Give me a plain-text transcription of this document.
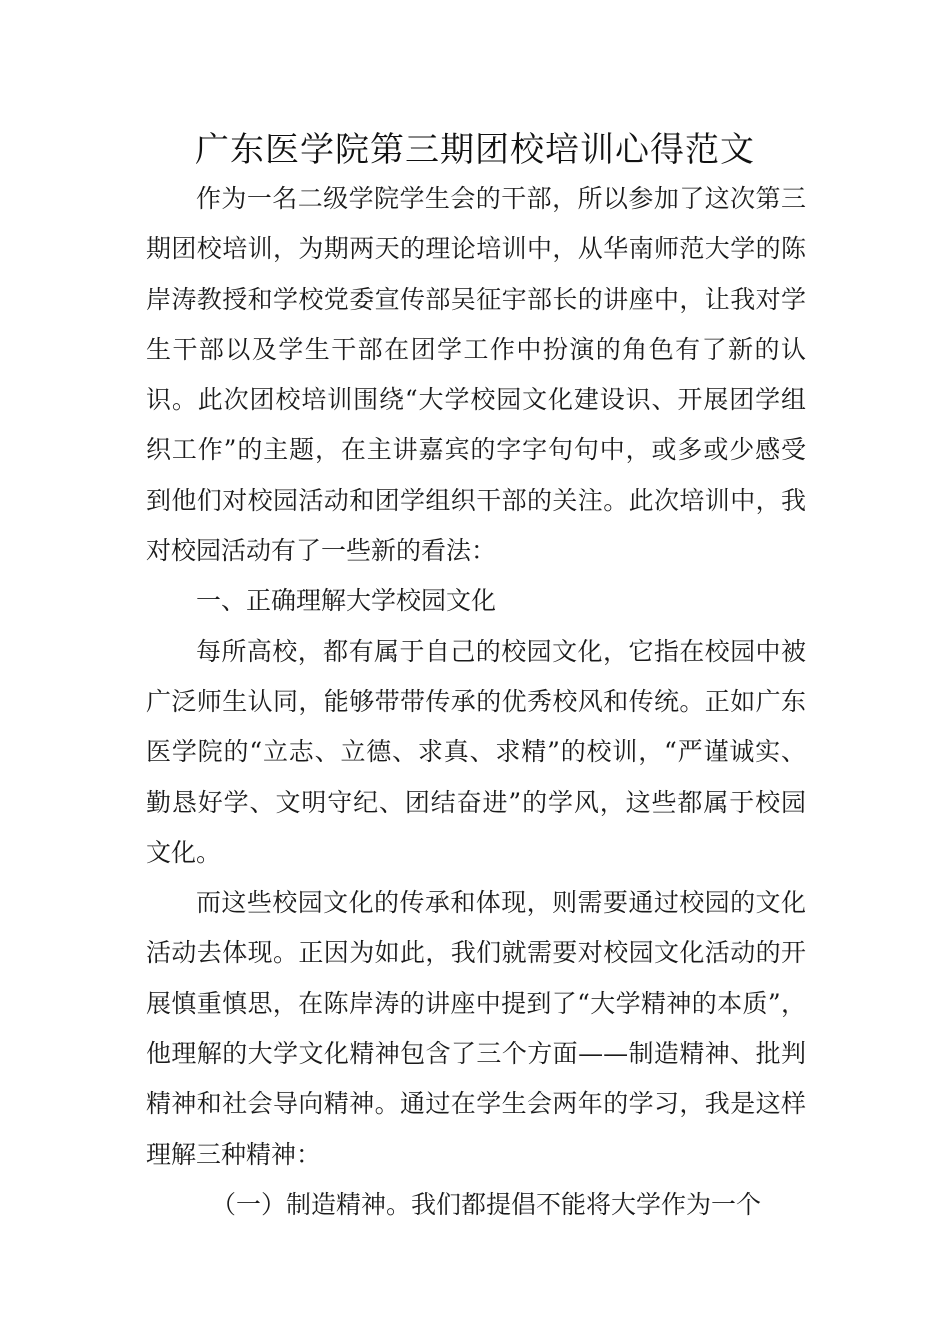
广东医学院第三期团校培训心得范文

作为一名二级学院学生会的干部，所以参加了这次第三期团校培训，为期两天的理论培训中，从华南师范大学的陈岸涛教授和学校党委宣传部吴征宇部长的讲座中，让我对学生干部以及学生干部在团学工作中扮演的角色有了新的认识。此次团校培训围绕“大学校园文化建设识、开展团学组织工作”的主题，在主讲嘉宾的字字句句中，或多或少感受到他们对校园活动和团学组织干部的关注。此次培训中，我对校园活动有了一些新的看法：

一、正确理解大学校园文化

每所高校，都有属于自己的校园文化，它指在校园中被广泛师生认同，能够带带传承的优秀校风和传统。正如广东医学院的“立志、立德、求真、求精”的校训，“严谨诚实、勤恳好学、文明守纪、团结奋进”的学风，这些都属于校园文化。

而这些校园文化的传承和体现，则需要通过校园的文化活动去体现。正因为如此，我们就需要对校园文化活动的开展慎重慎思，在陈岸涛的讲座中提到了“大学精神的本质”，他理解的大学文化精神包含了三个方面——制造精神、批判精神和社会导向精神。通过在学生会两年的学习，我是这样理解三种精神：

（一）制造精神。我们都提倡不能将大学作为一个
